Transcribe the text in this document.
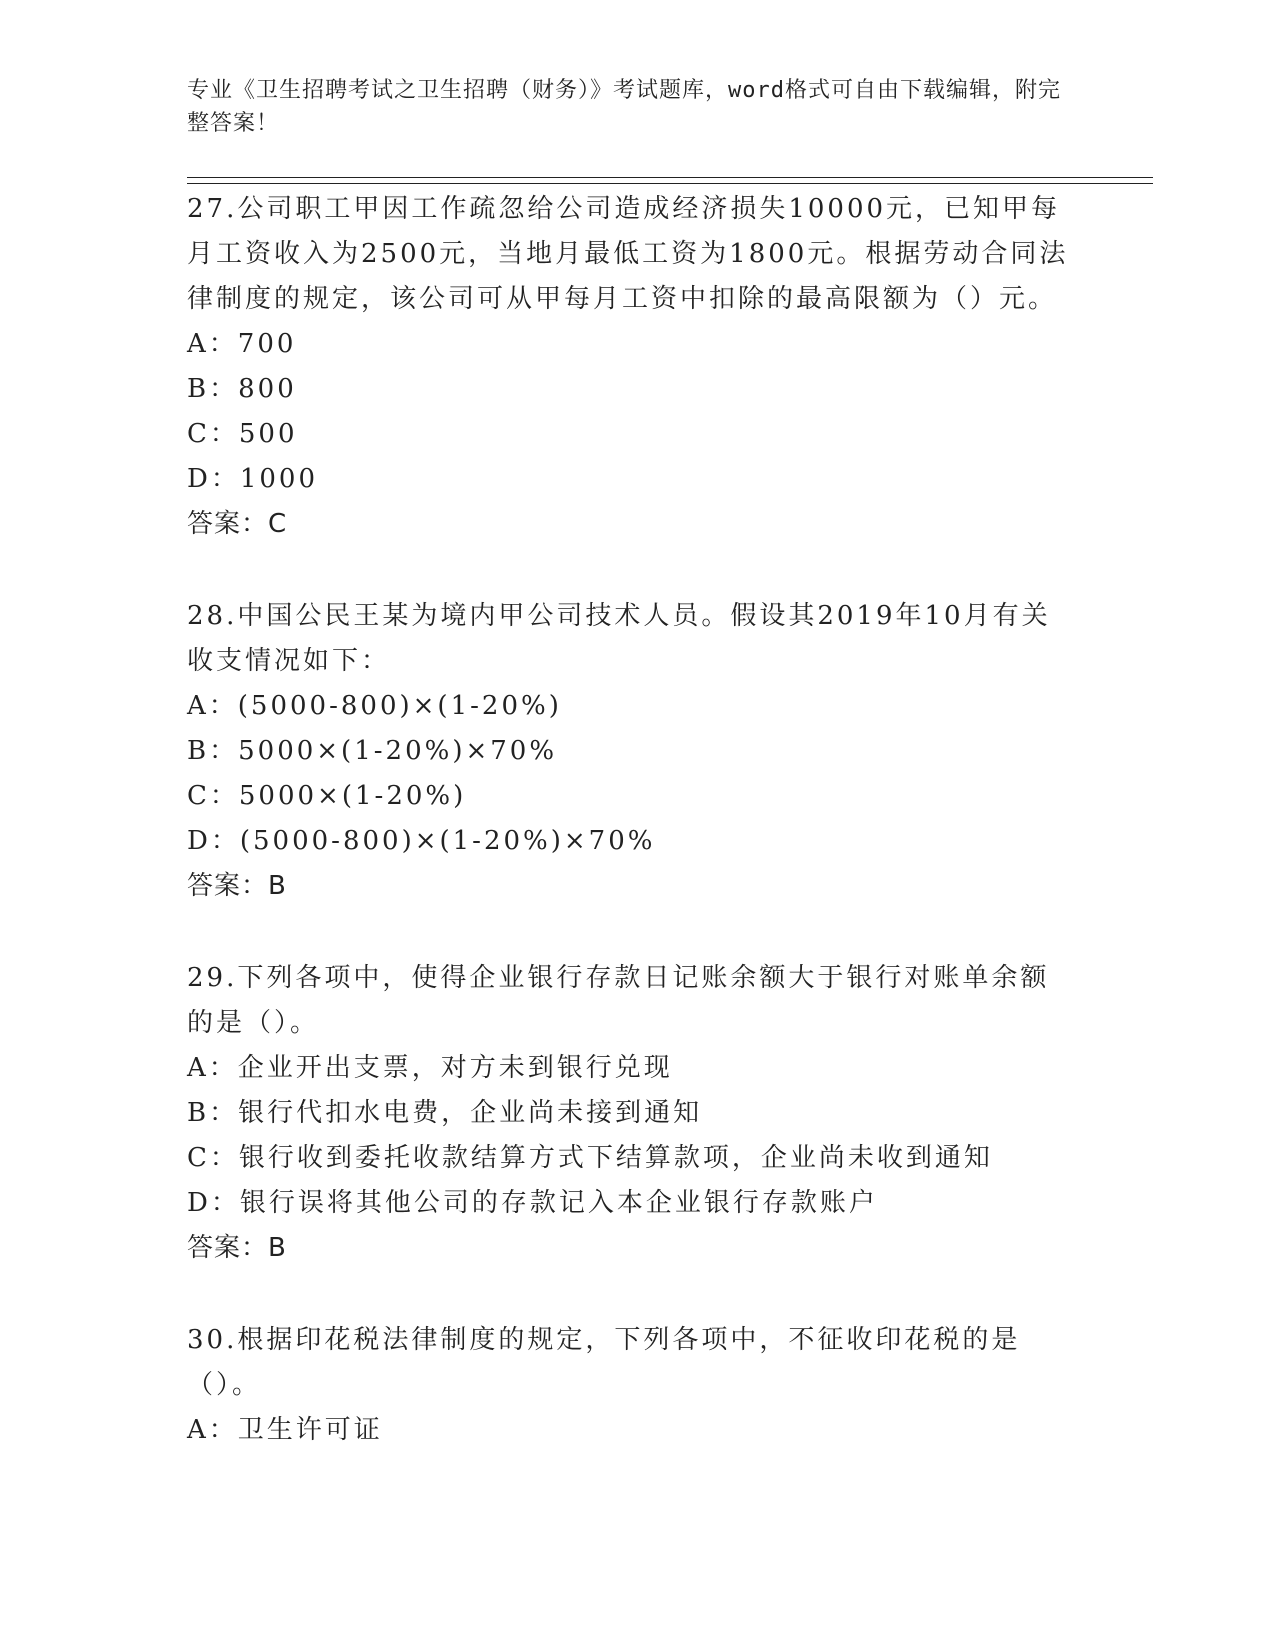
专业《卫生招聘考试之卫生招聘（财务）》考试题库，word格式可自由下载编辑，附完整答案！

27.公司职工甲因工作疏忽给公司造成经济损失10000元，已知甲每月工资收入为2500元，当地月最低工资为1800元。根据劳动合同法律制度的规定，该公司可从甲每月工资中扣除的最高限额为（）元。

A：700

B：800

C：500

D：1000

答案：C

28.中国公民王某为境内甲公司技术人员。假设其2019年10月有关收支情况如下：

A：(5000-800)×(1-20%)

B：5000×(1-20%)×70%

C：5000×(1-20%)

D：(5000-800)×(1-20%)×70%

答案：B

29.下列各项中，使得企业银行存款日记账余额大于银行对账单余额的是（）。

A：企业开出支票，对方未到银行兑现

B：银行代扣水电费，企业尚未接到通知

C：银行收到委托收款结算方式下结算款项，企业尚未收到通知

D：银行误将其他公司的存款记入本企业银行存款账户

答案：B

30.根据印花税法律制度的规定，下列各项中，不征收印花税的是（）。

A：卫生许可证
